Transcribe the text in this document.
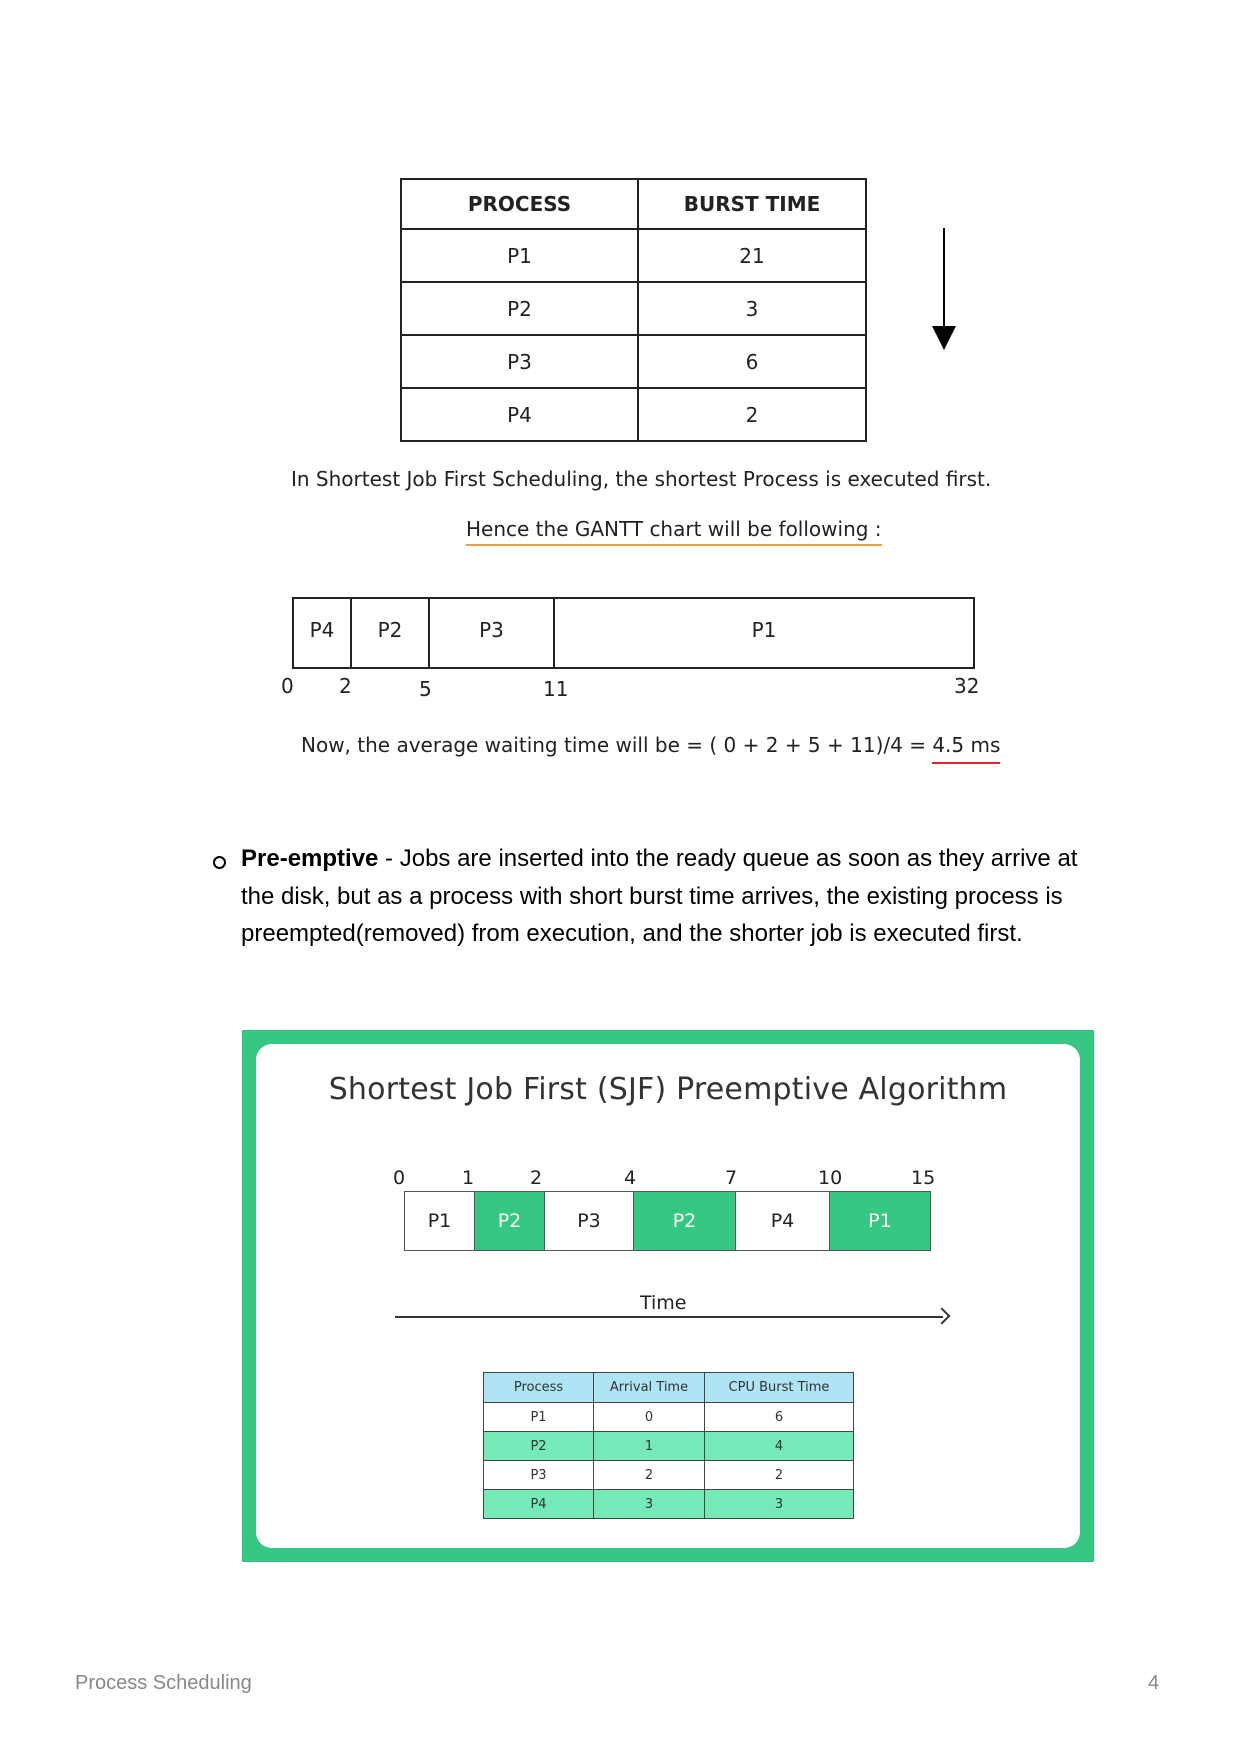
PROCESS	BURST TIME
P1	21
P2	3
P3	6
P4	2
In Shortest Job First Scheduling, the shortest Process is executed first.
Hence the GANTT chart will be following :
P4	P2	P3	P1
0 2	5	11	32
Now, the average waiting time will be = ( 0 + 2 + 5 + 11)/4 = 4.5 ms
Pre-emptive - Jobs are inserted into the ready queue as soon as they arrive at the disk, but as a process with short burst time arrives, the existing process is preempted(removed) from execution, and the shorter job is executed first.
Shortest Job First (SJF) Preemptive Algorithm
0	1	2	4	7	10	15
P1	P2	P3	P2	P4	P1
Time
Process	Arrival Time	CPU Burst Time
P1	0	6
P2	1	4
P3	2	2
P4	3	3
Process Scheduling	4
